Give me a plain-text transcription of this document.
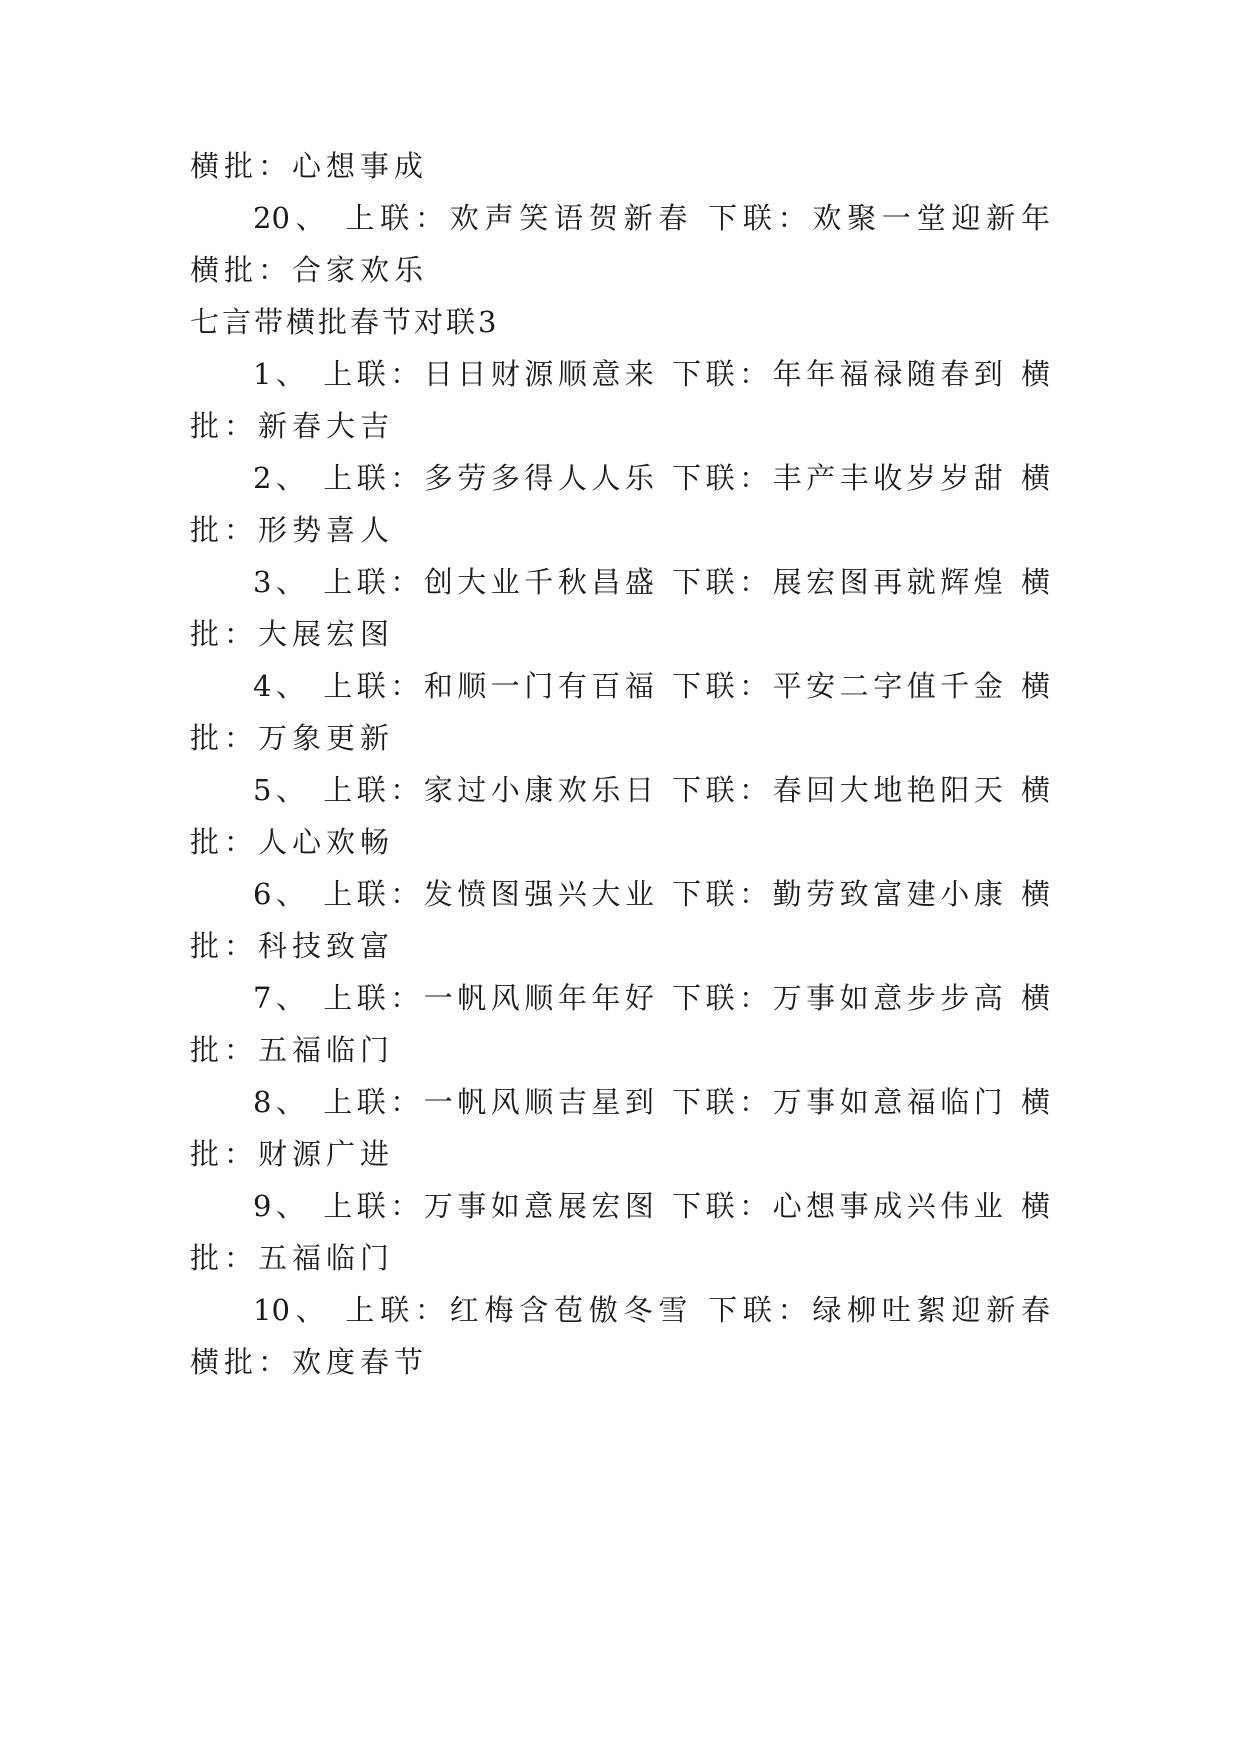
横批：心想事成
20、 上联：欢声笑语贺新春 下联：欢聚一堂迎新年
横批：合家欢乐
七言带横批春节对联3
1、 上联：日日财源顺意来 下联：年年福禄随春到 横
批：新春大吉
2、 上联：多劳多得人人乐 下联：丰产丰收岁岁甜 横
批：形势喜人
3、 上联：创大业千秋昌盛 下联：展宏图再就辉煌 横
批：大展宏图
4、 上联：和顺一门有百福 下联：平安二字值千金 横
批：万象更新
5、 上联：家过小康欢乐日 下联：春回大地艳阳天 横
批：人心欢畅
6、 上联：发愤图强兴大业 下联：勤劳致富建小康 横
批：科技致富
7、 上联：一帆风顺年年好 下联：万事如意步步高 横
批：五福临门
8、 上联：一帆风顺吉星到 下联：万事如意福临门 横
批：财源广进
9、 上联：万事如意展宏图 下联：心想事成兴伟业 横
批：五福临门
10、 上联：红梅含苞傲冬雪 下联：绿柳吐絮迎新春
横批：欢度春节
